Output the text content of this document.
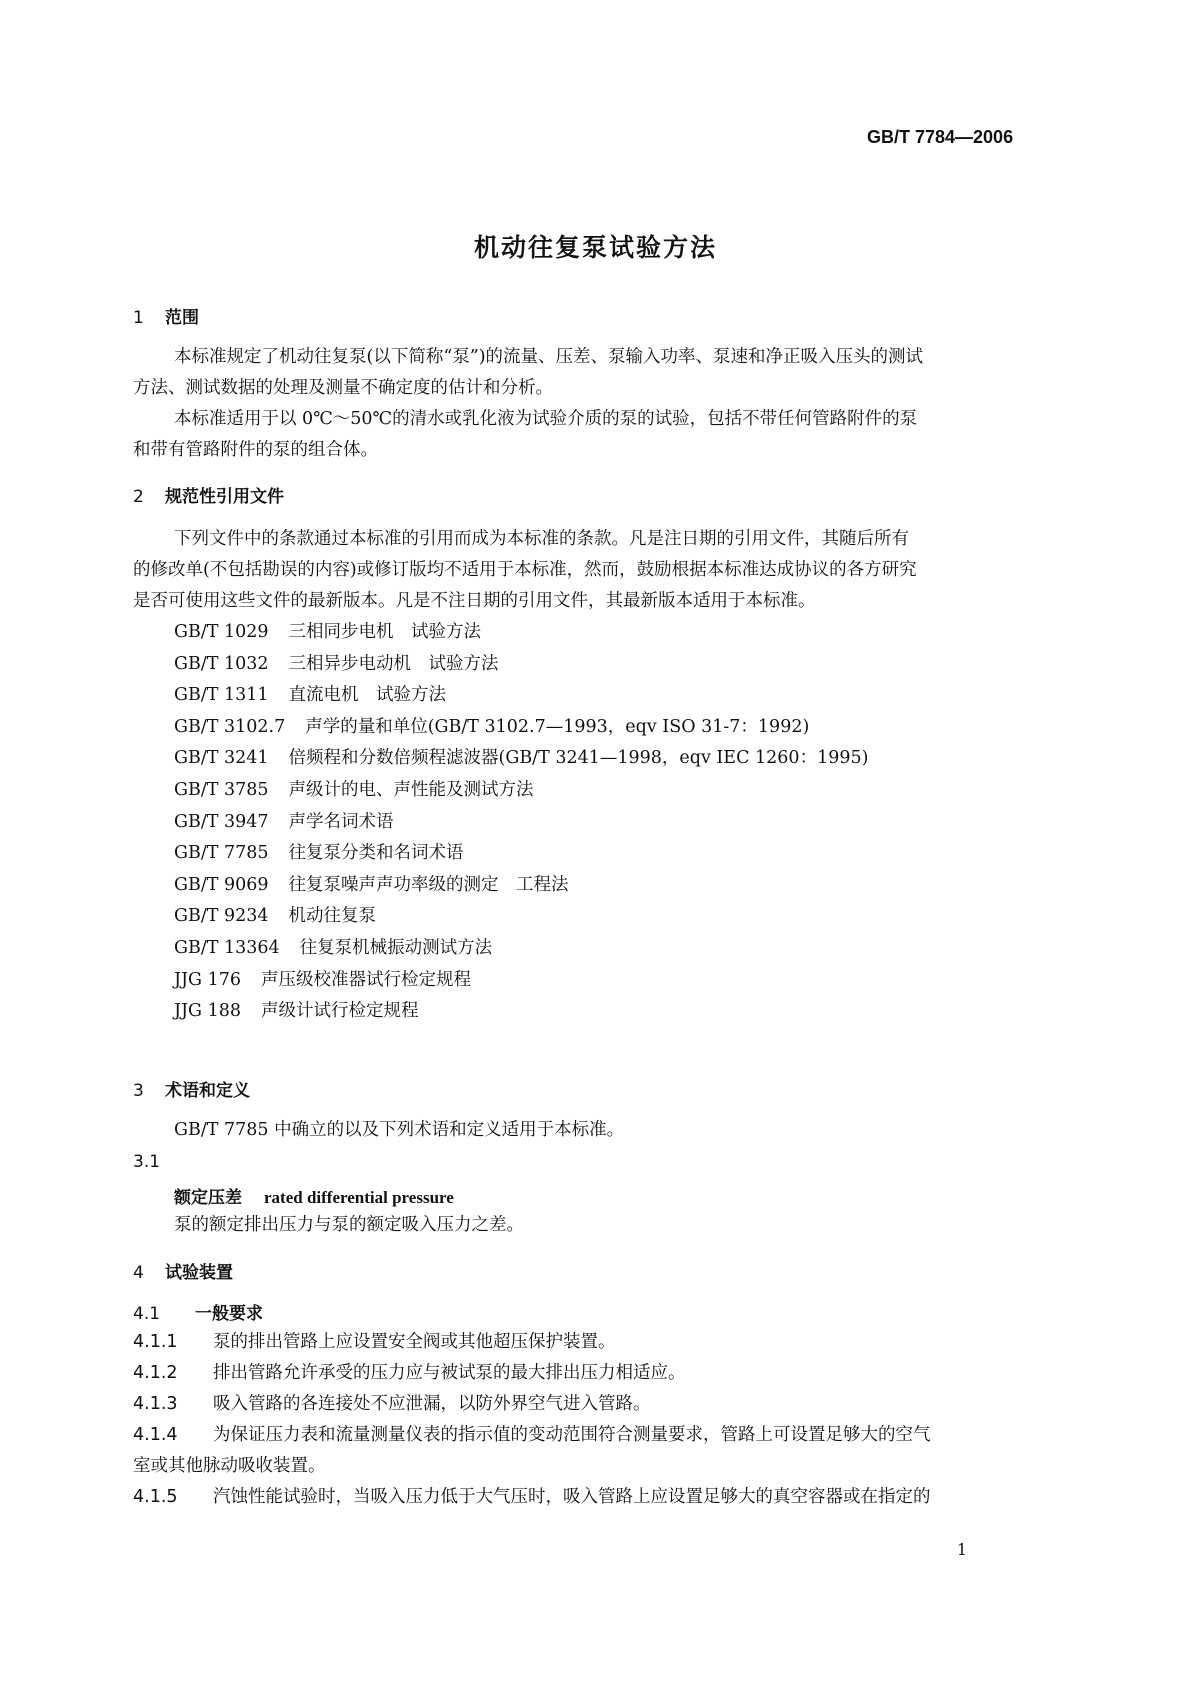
GB/T 7784—2006
机动往复泵试验方法
1 范围
本标准规定了机动往复泵(以下简称“泵”)的流量、压差、泵输入功率、泵速和净正吸入压头的测试
方法、测试数据的处理及测量不确定度的估计和分析。
本标准适用于以 0℃～50℃的清水或乳化液为试验介质的泵的试验，包括不带任何管路附件的泵
和带有管路附件的泵的组合体。
2 规范性引用文件
下列文件中的条款通过本标准的引用而成为本标准的条款。凡是注日期的引用文件，其随后所有
的修改单(不包括勘误的内容)或修订版均不适用于本标准，然而，鼓励根据本标准达成协议的各方研究
是否可使用这些文件的最新版本。凡是不注日期的引用文件，其最新版本适用于本标准。
GB/T 1029 三相同步电机　试验方法
GB/T 1032 三相异步电动机　试验方法
GB/T 1311 直流电机　试验方法
GB/T 3102.7 声学的量和单位(GB/T 3102.7—1993，eqv ISO 31-7：1992)
GB/T 3241 倍频程和分数倍频程滤波器(GB/T 3241—1998，eqv IEC 1260：1995)
GB/T 3785 声级计的电、声性能及测试方法
GB/T 3947 声学名词术语
GB/T 7785 往复泵分类和名词术语
GB/T 9069 往复泵噪声声功率级的测定　工程法
GB/T 9234 机动往复泵
GB/T 13364 往复泵机械振动测试方法
JJG 176 声压级校准器试行检定规程
JJG 188 声级计试行检定规程
3 术语和定义
GB/T 7785 中确立的以及下列术语和定义适用于本标准。
3.1
额定压差 rated differential pressure
泵的额定排出压力与泵的额定吸入压力之差。
4 试验装置
4.1 一般要求
4.1.1 泵的排出管路上应设置安全阀或其他超压保护装置。
4.1.2 排出管路允许承受的压力应与被试泵的最大排出压力相适应。
4.1.3 吸入管路的各连接处不应泄漏，以防外界空气进入管路。
4.1.4 为保证压力表和流量测量仪表的指示值的变动范围符合测量要求，管路上可设置足够大的空气
室或其他脉动吸收装置。
4.1.5 汽蚀性能试验时，当吸入压力低于大气压时，吸入管路上应设置足够大的真空容器或在指定的
1
